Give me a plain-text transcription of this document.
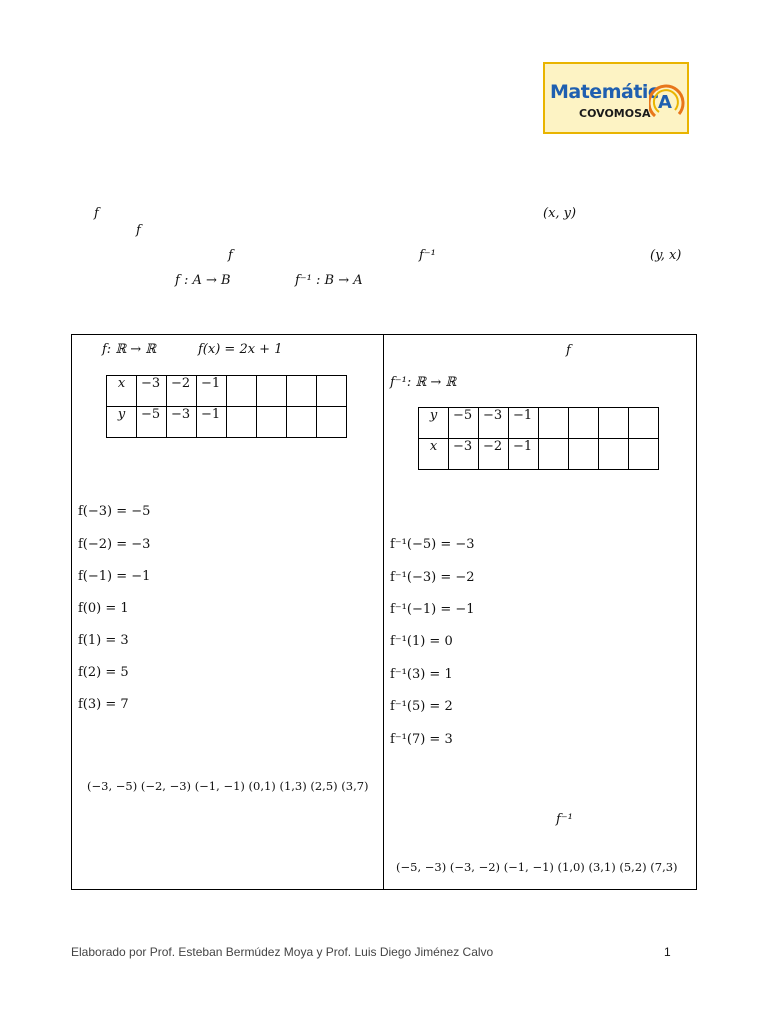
Matemátic A
COVOMOSA
f	(x, y)
f
f	f⁻¹	(y, x)
f : A → B	f⁻¹ : B → A
f: ℝ → ℝ	f(x) = 2x + 1
x	−3	−2	−1				
y	−5	−3	−1				
f(−3) = −5
f(−2) = −3
f(−1) = −1
f(0) = 1
f(1) = 3
f(2) = 5
f(3) = 7
(−3, −5) (−2, −3) (−1, −1) (0,1) (1,3) (2,5) (3,7)
f
f⁻¹: ℝ → ℝ
y	−5	−3	−1				
x	−3	−2	−1				
f⁻¹(−5) = −3
f⁻¹(−3) = −2
f⁻¹(−1) = −1
f⁻¹(1) = 0
f⁻¹(3) = 1
f⁻¹(5) = 2
f⁻¹(7) = 3
f⁻¹
(−5, −3) (−3, −2) (−1, −1) (1,0) (3,1) (5,2) (7,3)
Elaborado por Prof. Esteban Bermúdez Moya y Prof. Luis Diego Jiménez Calvo	1
